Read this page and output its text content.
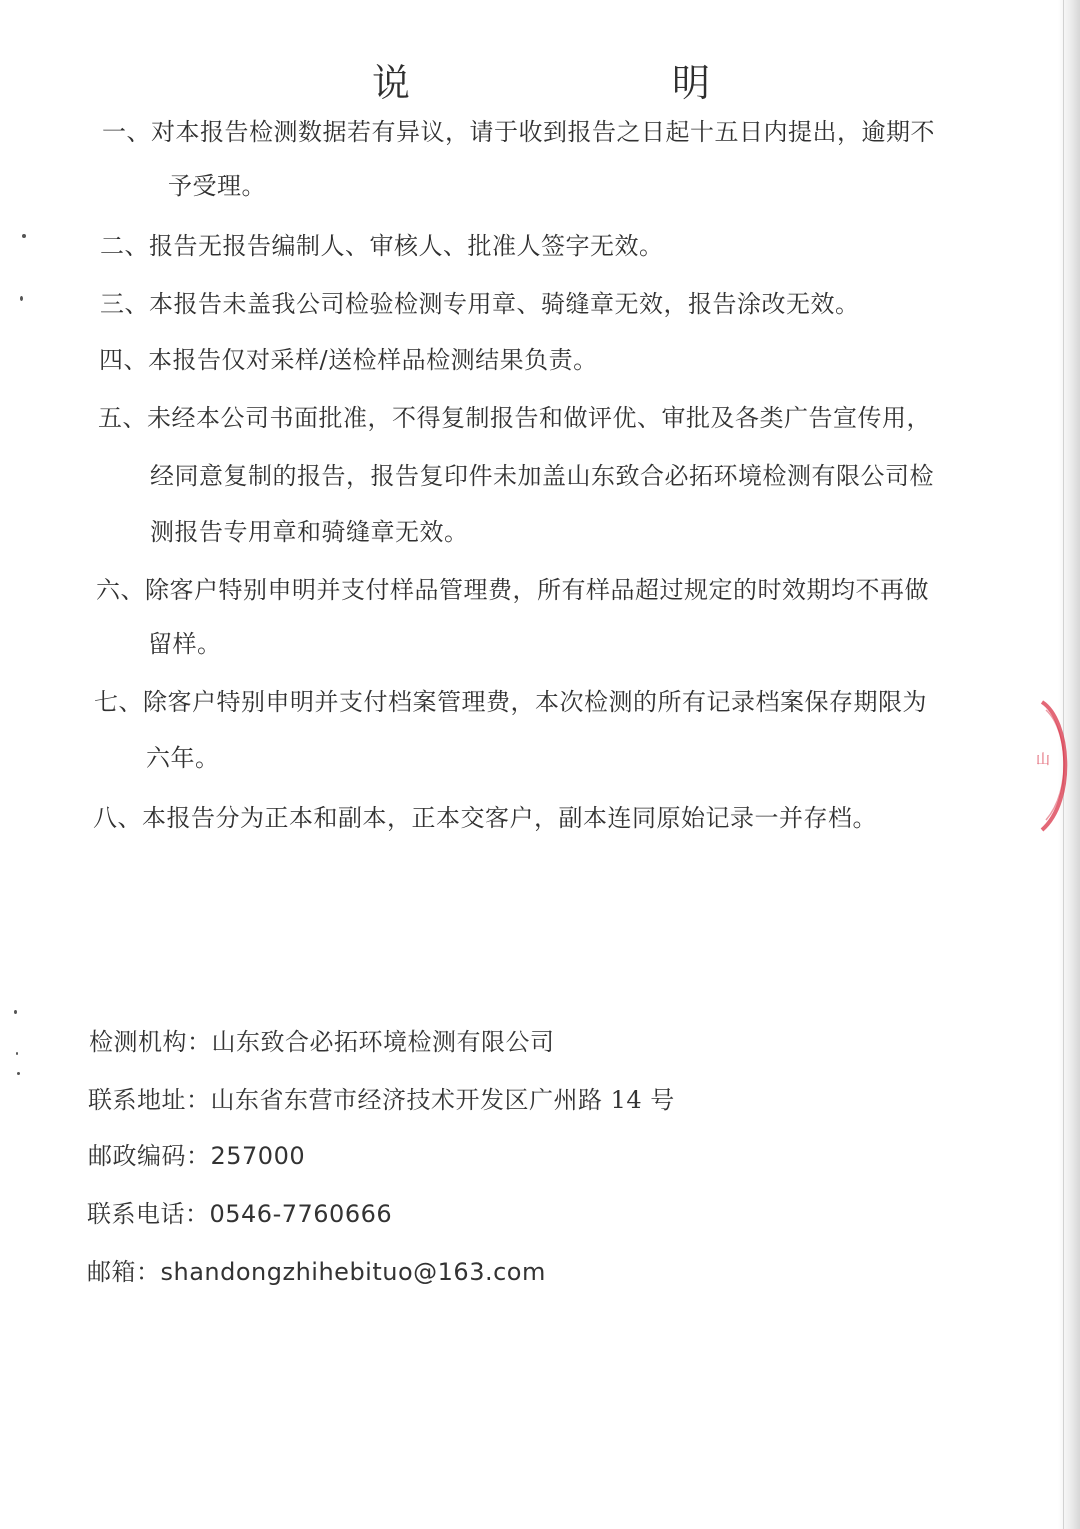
山
说	明
一、对本报告检测数据若有异议，请于收到报告之日起十五日内提出，逾期不
予受理。
二、报告无报告编制人、审核人、批准人签字无效。
三、本报告未盖我公司检验检测专用章、骑缝章无效，报告涂改无效。
四、本报告仅对采样/送检样品检测结果负责。
五、未经本公司书面批准，不得复制报告和做评优、审批及各类广告宣传用，
经同意复制的报告，报告复印件未加盖山东致合必拓环境检测有限公司检
测报告专用章和骑缝章无效。
六、除客户特别申明并支付样品管理费，所有样品超过规定的时效期均不再做
留样。
七、除客户特别申明并支付档案管理费，本次检测的所有记录档案保存期限为
六年。
八、本报告分为正本和副本，正本交客户，副本连同原始记录一并存档。
检测机构：山东致合必拓环境检测有限公司
联系地址：山东省东营市经济技术开发区广州路 14 号
邮政编码：257000
联系电话：0546-7760666
邮箱：shandongzhihebituo@163.com
